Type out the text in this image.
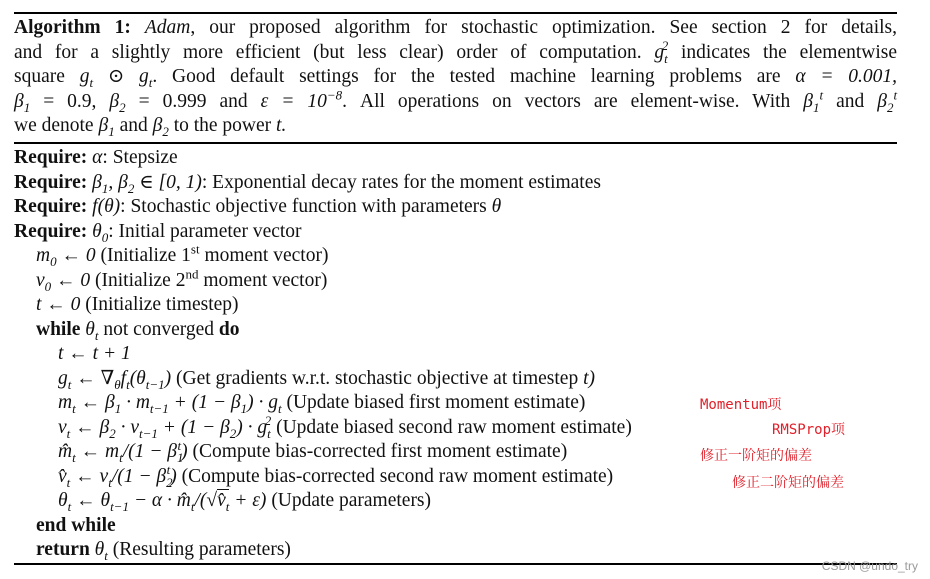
Algorithm 1: Adam, our proposed algorithm for stochastic optimization. See section 2 for details,
and for a slightly more efficient (but less clear) order of computation. $g_t^2$ indicates the elementwise
square $g_t$ ⊙ $g_t$. Good default settings for the tested machine learning problems are α = 0.001,
$\beta_1 = 0.9$, $\beta_2 = 0.999$ and $\varepsilon = 10^{-8}$. All operations on vectors are element-wise. With $\beta_1^t$ and $\beta_2^t$
we denote $\beta_1$ and $\beta_2$ to the power t.
Require: α: Stepsize
Require: $\beta_1$, $\beta_2$ ∈ [0, 1): Exponential decay rates for the moment estimates
Require: f(θ): Stochastic objective function with parameters θ
Require: $\theta_0$: Initial parameter vector
$m_0$ ← 0 (Initialize 1st moment vector)
$v_0$ ← 0 (Initialize 2nd moment vector)
t ← 0 (Initialize timestep)
while $\theta_t$ not converged do
t ← t + 1
$g_t$ ← $\nabla_\theta f_t(\theta_{t-1})$ (Get gradients w.r.t. stochastic objective at timestep t)
$m_t$ ← $\beta_1 \cdot m_{t-1} + (1 - \beta_1) \cdot g_t$ (Update biased first moment estimate)
$v_t$ ← $\beta_2 \cdot v_{t-1} + (1 - \beta_2) \cdot g_t^2$ (Update biased second raw moment estimate)
$m̂_t$ ← $m_t/(1 - \beta_1^t)$ (Compute bias-corrected first moment estimate)
$v̂_t$ ← $v_t/(1 - \beta_2^t)$ (Compute bias-corrected second raw moment estimate)
$\theta_t$ ← $\theta_{t-1} - \alpha$ · $m̂_t/(√v̂_t + \varepsilon)$ (Update parameters)
end while
return $\theta_t$ (Resulting parameters)
Momentum项
RMSProp项
修正一阶矩的偏差
修正二阶矩的偏差
CSDN @undo_try
